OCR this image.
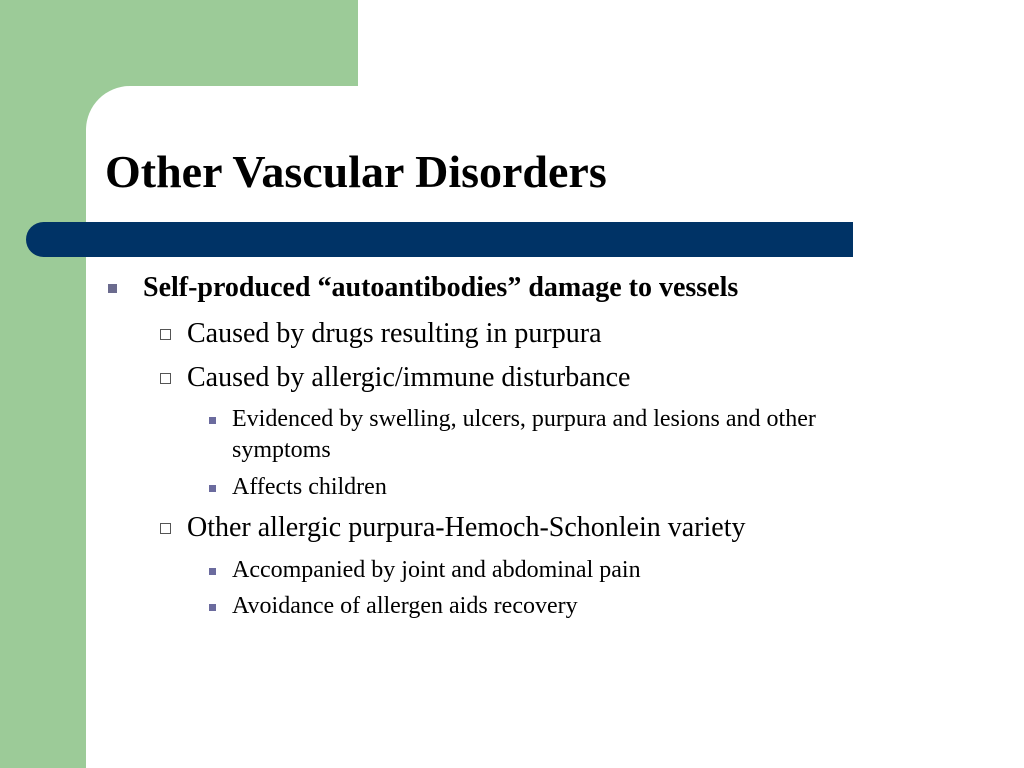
Other Vascular Disorders
Self-produced “autoantibodies” damage to vessels
Caused by drugs resulting in purpura
Caused by allergic/immune disturbance
Evidenced by swelling, ulcers, purpura and lesions and other
symptoms
Affects children
Other allergic purpura-Hemoch-Schonlein variety
Accompanied by joint and abdominal pain
Avoidance of allergen aids recovery
